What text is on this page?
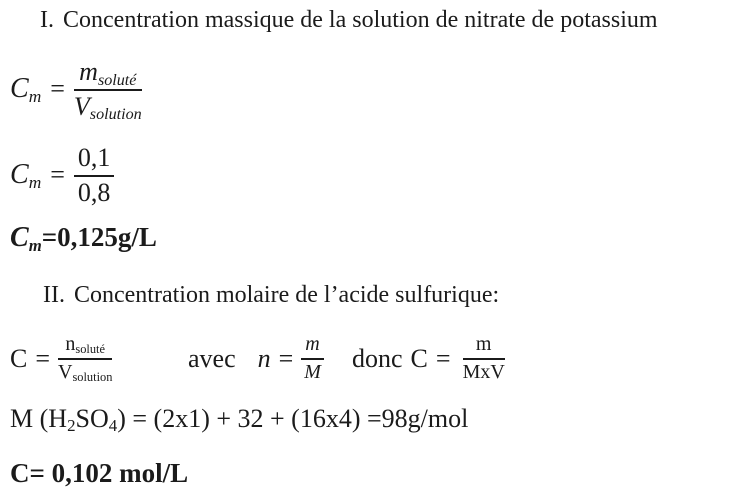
I. Concentration massique de la solution de nitrate de potassium
$Cm = \frac{\text{msoluté}}{\text{Vsolution}}$
$Cm = \frac{0,1}{0,8}$
Cm=0,125g/L
II. Concentration molaire de l’acide sulfurique:
$C = \frac{\text{nsoluté}}{\text{Vsolution}}$	avec $n = \frac{m}{M}$ donc $C = \frac{m}{\text{MxV}}$
M (H2SO4) = (2x1) + 32 + (16x4) =98g/mol
C= 0,102 mol/L
